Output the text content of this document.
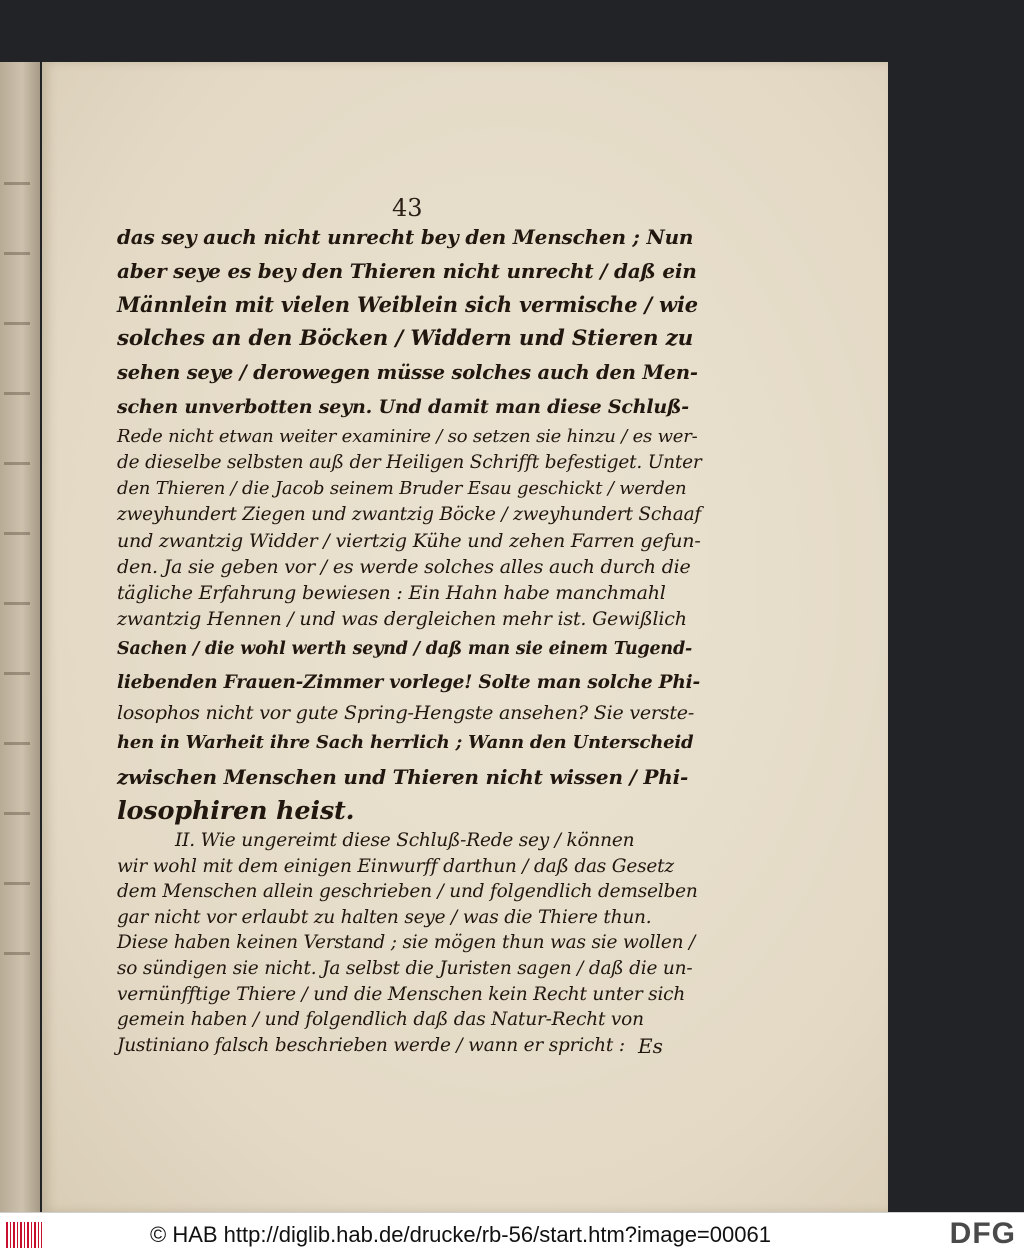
43
das sey auch nicht unrecht bey den Menschen ; Nun
aber seye es bey den Thieren nicht unrecht / daß ein
Männlein mit vielen Weiblein sich vermische / wie
solches an den Böcken / Widdern und Stieren zu
sehen seye / derowegen müsse solches auch den Men-
schen unverbotten seyn. Und damit man diese Schluß-
Rede nicht etwan weiter examinire / so setzen sie hinzu / es wer-
de dieselbe selbsten auß der Heiligen Schrifft befestiget. Unter
den Thieren / die Jacob seinem Bruder Esau geschickt / werden
zweyhundert Ziegen und zwantzig Böcke / zweyhundert Schaaf
und zwantzig Widder / viertzig Kühe und zehen Farren gefun-
den. Ja sie geben vor / es werde solches alles auch durch die
tägliche Erfahrung bewiesen : Ein Hahn habe manchmahl
zwantzig Hennen / und was dergleichen mehr ist. Gewißlich
Sachen / die wohl werth seynd / daß man sie einem Tugend-
liebenden Frauen-Zimmer vorlege! Solte man solche Phi-
losophos nicht vor gute Spring-Hengste ansehen? Sie verste-
hen in Warheit ihre Sach herrlich ; Wann den Unterscheid
zwischen Menschen und Thieren nicht wissen / Phi-
losophiren heist.
II. Wie ungereimt diese Schluß-Rede sey / können
wir wohl mit dem einigen Einwurff darthun / daß das Gesetz
dem Menschen allein geschrieben / und folgendlich demselben
gar nicht vor erlaubt zu halten seye / was die Thiere thun.
Diese haben keinen Verstand ; sie mögen thun was sie wollen /
so sündigen sie nicht. Ja selbst die Juristen sagen / daß die un-
vernünfftige Thiere / und die Menschen kein Recht unter sich
gemein haben / und folgendlich daß das Natur-Recht von
Justiniano falsch beschrieben werde / wann er spricht : Es
© HAB http://diglib.hab.de/drucke/rb-56/start.htm?image=00061	DFG
